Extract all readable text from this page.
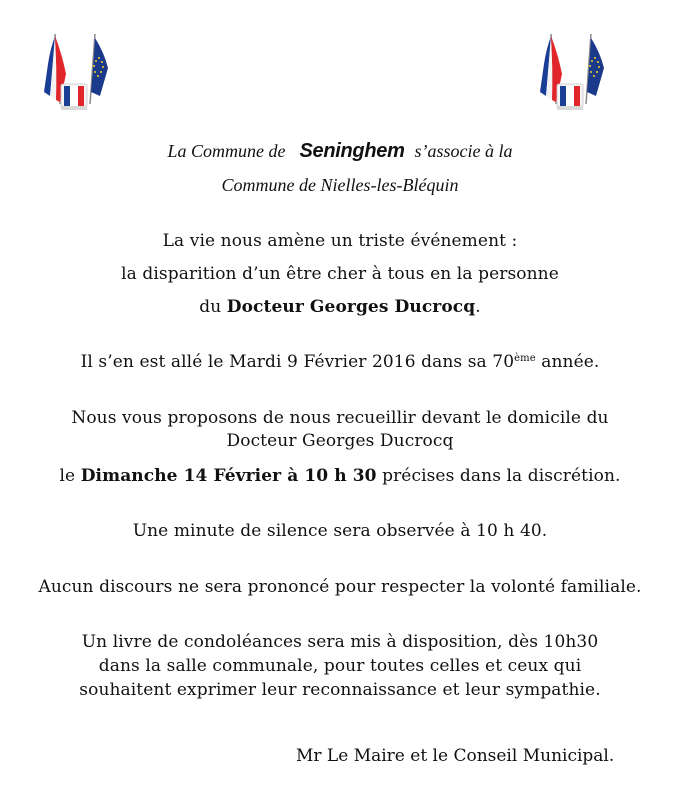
La Commune de Seninghem s’associe à la
Commune de Nielles-les-Bléquin
La vie nous amène un triste événement :
la disparition d’un être cher à tous en la personne
du Docteur Georges Ducrocq.
Il s’en est allé le Mardi 9 Février 2016 dans sa 70ème année.
Nous vous proposons de nous recueillir devant le domicile du
Docteur Georges Ducrocq
le Dimanche 14 Février à 10 h 30 précises dans la discrétion.
Une minute de silence sera observée à 10 h 40.
Aucun discours ne sera prononcé pour respecter la volonté familiale.
Un livre de condoléances sera mis à disposition, dès 10h30
dans la salle communale, pour toutes celles et ceux qui
souhaitent exprimer leur reconnaissance et leur sympathie.
Mr Le Maire et le Conseil Municipal.
